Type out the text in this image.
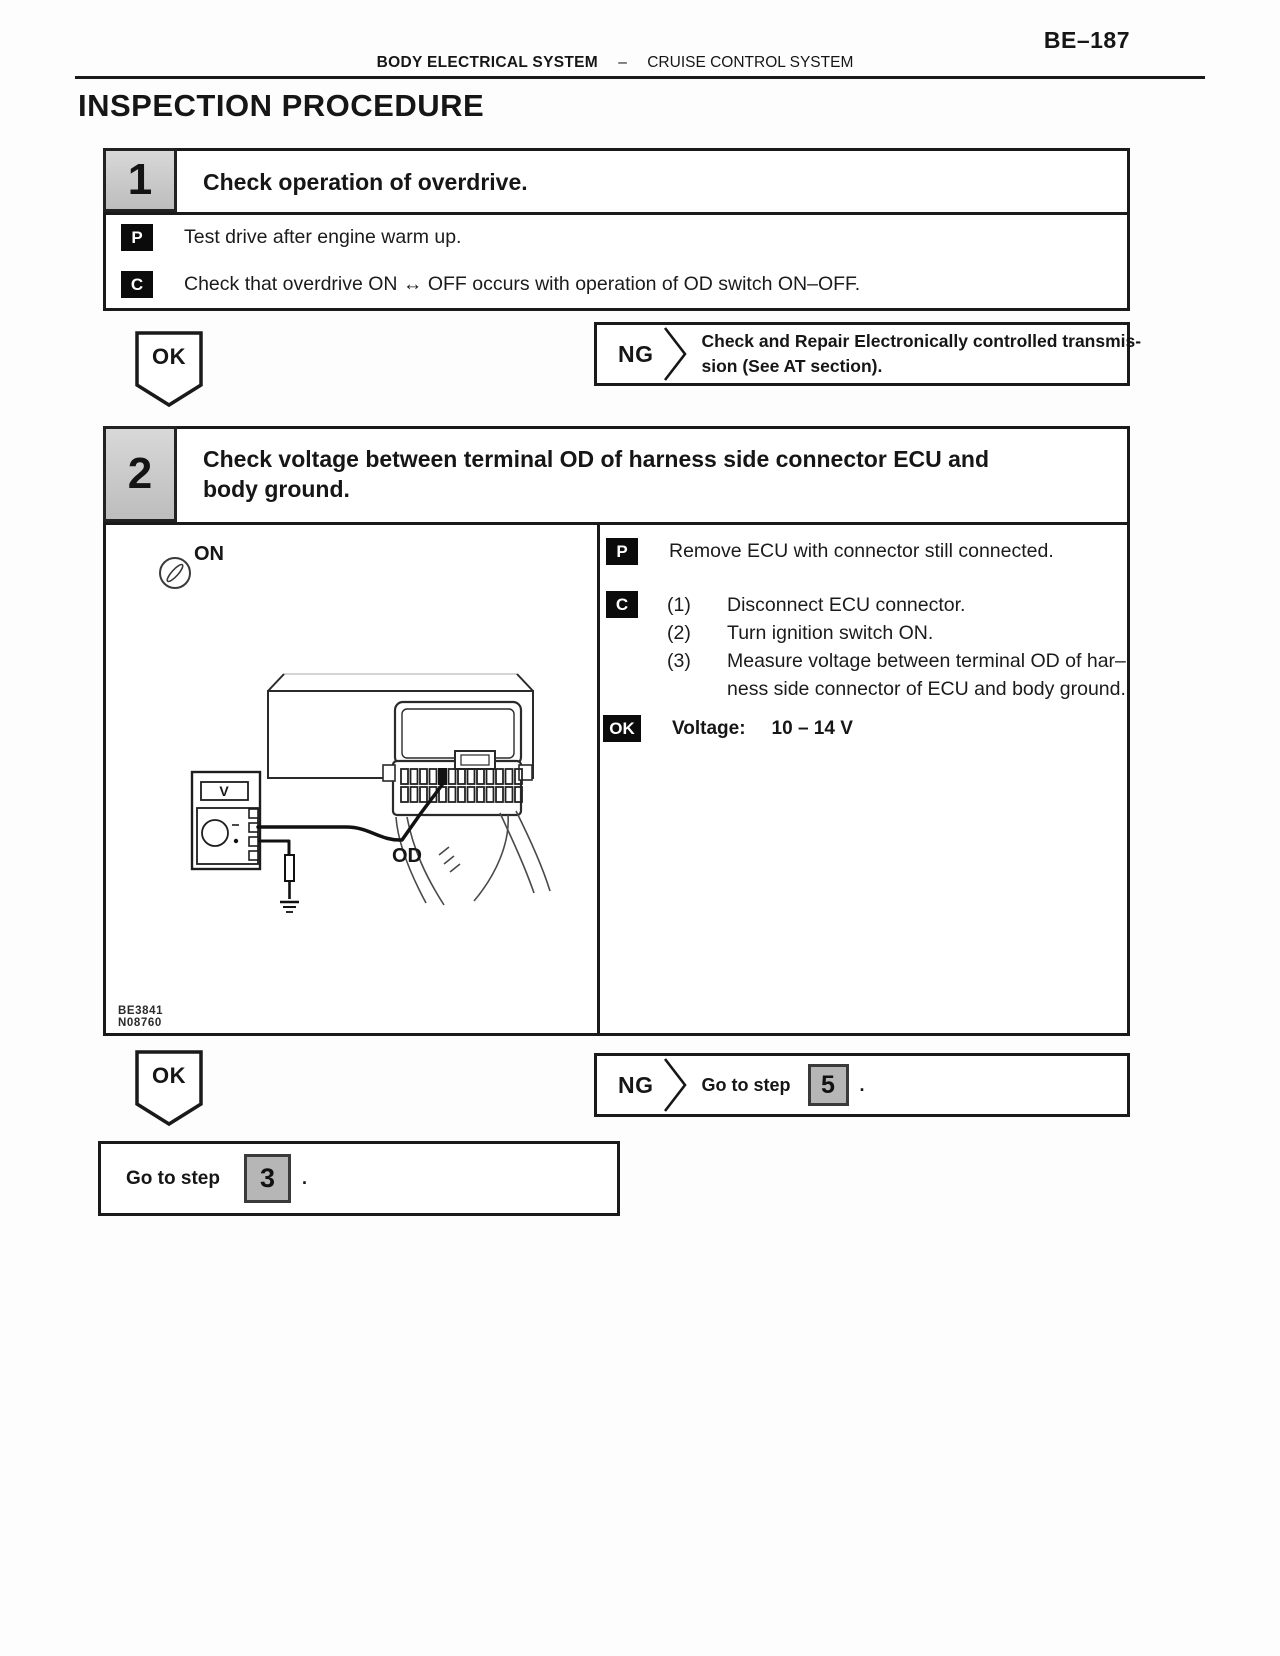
BE–187
BODY ELECTRICAL SYSTEM – CRUISE CONTROL SYSTEM
INSPECTION PROCEDURE
1	Check operation of overdrive.
P	Test drive after engine warm up.
C	Check that overdrive ON ↔ OFF occurs with operation of OD switch ON–OFF.
OK	NG	Check and Repair Electronically controlled transmis-
sion (See AT section).
2	Check voltage between terminal OD of harness side connector ECU and
body ground.
ON
V
OD
BE3841
N08760
P	Remove ECU with connector still connected.
C	(1)	Disconnect ECU connector.
(2)	Turn ignition switch ON.
(3)	Measure voltage between terminal OD of har–
ness side connector of ECU and body ground.
OK	Voltage: 10 – 14 V
OK	NG	Go to step	5	.
Go to step	3	.
